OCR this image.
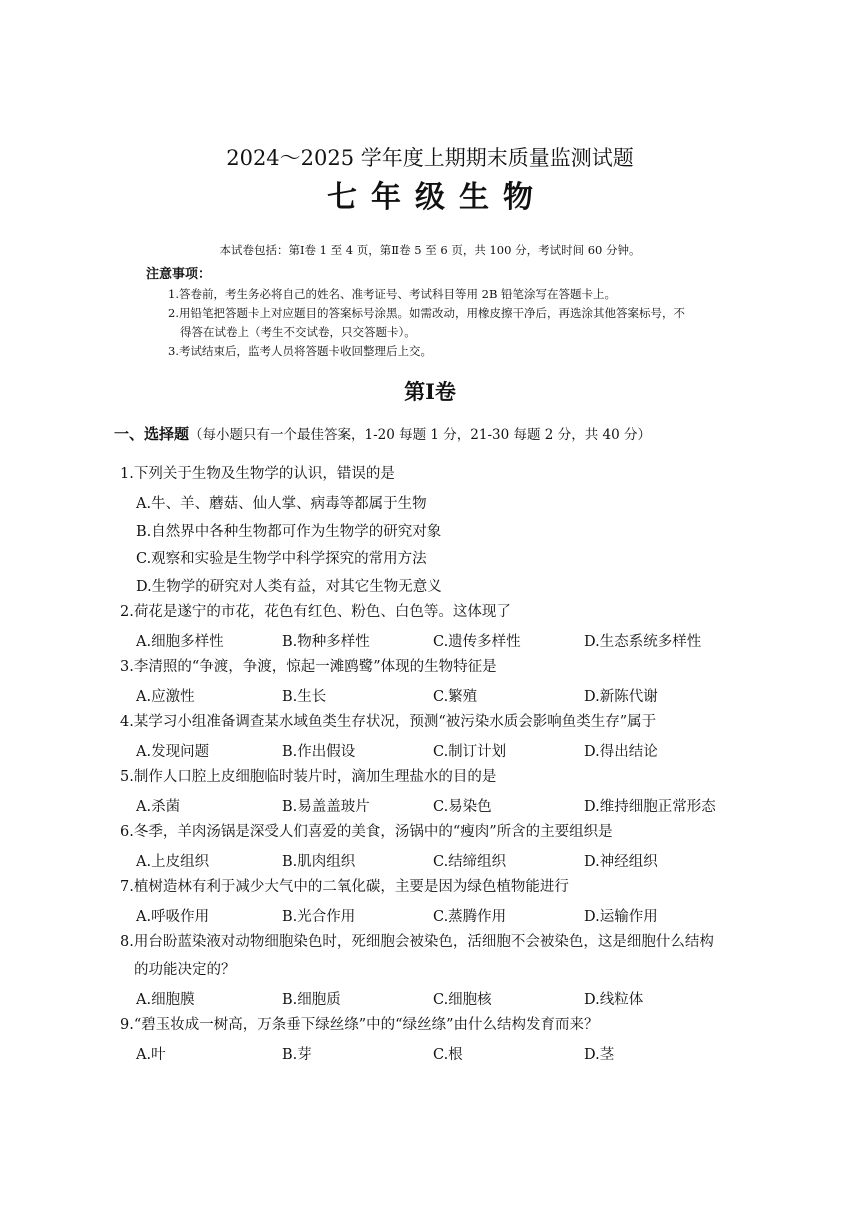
2024～2025 学年度上期期末质量监测试题
七年级生物
本试卷包括：第Ⅰ卷 1 至 4 页，第Ⅱ卷 5 至 6 页，共 100 分，考试时间 60 分钟。
注意事项：
1.答卷前，考生务必将自己的姓名、准考证号、考试科目等用 2B 铅笔涂写在答题卡上。
2.用铅笔把答题卡上对应题目的答案标号涂黑。如需改动，用橡皮擦干净后，再选涂其他答案标号，不
得答在试卷上（考生不交试卷，只交答题卡）。
3.考试结束后，监考人员将答题卡收回整理后上交。
第Ⅰ卷
一、选择题（每小题只有一个最佳答案，1-20 每题 1 分，21-30 每题 2 分，共 40 分）
1.下列关于生物及生物学的认识，错误的是
A.牛、羊、蘑菇、仙人掌、病毒等都属于生物
B.自然界中各种生物都可作为生物学的研究对象
C.观察和实验是生物学中科学探究的常用方法
D.生物学的研究对人类有益，对其它生物无意义
2.荷花是遂宁的市花，花色有红色、粉色、白色等。这体现了
A.细胞多样性	B.物种多样性	C.遗传多样性	D.生态系统多样性
3.李清照的“争渡，争渡，惊起一滩鸥鹭”体现的生物特征是
A.应激性	B.生长	C.繁殖	D.新陈代谢
4.某学习小组准备调查某水域鱼类生存状况，预测“被污染水质会影响鱼类生存”属于
A.发现问题	B.作出假设	C.制订计划	D.得出结论
5.制作人口腔上皮细胞临时装片时，滴加生理盐水的目的是
A.杀菌	B.易盖盖玻片	C.易染色	D.维持细胞正常形态
6.冬季，羊肉汤锅是深受人们喜爱的美食，汤锅中的“瘦肉”所含的主要组织是
A.上皮组织	B.肌肉组织	C.结缔组织	D.神经组织
7.植树造林有利于减少大气中的二氧化碳，主要是因为绿色植物能进行
A.呼吸作用	B.光合作用	C.蒸腾作用	D.运输作用
8.用台盼蓝染液对动物细胞染色时，死细胞会被染色，活细胞不会被染色，这是细胞什么结构
的功能决定的？
A.细胞膜	B.细胞质	C.细胞核	D.线粒体
9.“碧玉妆成一树高，万条垂下绿丝绦”中的“绿丝绦”由什么结构发育而来？
A.叶	B.芽	C.根	D.茎
